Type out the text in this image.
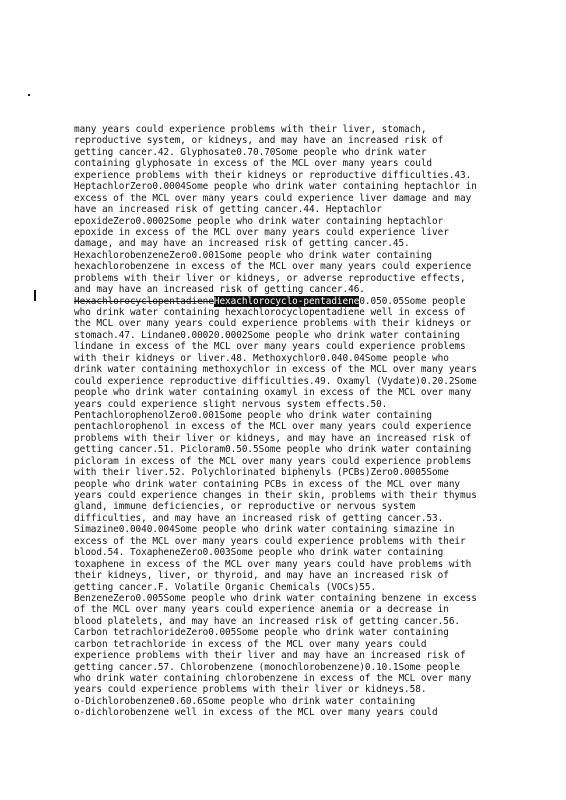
many years could experience problems with their liver, stomach,
reproductive system, or kidneys, and may have an increased risk of
getting cancer.42. Glyphosate0.70.70Some people who drink water
containing glyphosate in excess of the MCL over many years could
experience problems with their kidneys or reproductive difficulties.43.
HeptachlorZero0.0004Some people who drink water containing heptachlor in
excess of the MCL over many years could experience liver damage and may
have an increased risk of getting cancer.44. Heptachlor
epoxideZero0.0002Some people who drink water containing heptachlor
epoxide in excess of the MCL over many years could experience liver
damage, and may have an increased risk of getting cancer.45.
HexachlorobenzeneZero0.001Some people who drink water containing
hexachlorobenzene in excess of the MCL over many years could experience
problems with their liver or kidneys, or adverse reproductive effects,
and may have an increased risk of getting cancer.46.
HexachlorocyclopentadieneHexachlorocyclo-pentadiene0.050.05Some people
who drink water containing hexachlorocyclopentadiene well in excess of
the MCL over many years could experience problems with their kidneys or
stomach.47. Lindane0.00020.0002Some people who drink water containing
lindane in excess of the MCL over many years could experience problems
with their kidneys or liver.48. Methoxychlor0.040.04Some people who
drink water containing methoxychlor in excess of the MCL over many years
could experience reproductive difficulties.49. Oxamyl (Vydate)0.20.2Some
people who drink water containing oxamyl in excess of the MCL over many
years could experience slight nervous system effects.50.
PentachlorophenolZero0.001Some people who drink water containing
pentachlorophenol in excess of the MCL over many years could experience
problems with their liver or kidneys, and may have an increased risk of
getting cancer.51. Picloram0.50.5Some people who drink water containing
picloram in excess of the MCL over many years could experience problems
with their liver.52. Polychlorinated biphenyls (PCBs)Zero0.0005Some
people who drink water containing PCBs in excess of the MCL over many
years could experience changes in their skin, problems with their thymus
gland, immune deficiencies, or reproductive or nervous system
difficulties, and may have an increased risk of getting cancer.53.
Simazine0.0040.004Some people who drink water containing simazine in
excess of the MCL over many years could experience problems with their
blood.54. ToxapheneZero0.003Some people who drink water containing
toxaphene in excess of the MCL over many years could have problems with
their kidneys, liver, or thyroid, and may have an increased risk of
getting cancer.F. Volatile Organic Chemicals (VOCs)55.
BenzeneZero0.005Some people who drink water containing benzene in excess
of the MCL over many years could experience anemia or a decrease in
blood platelets, and may have an increased risk of getting cancer.56.
Carbon tetrachlorideZero0.005Some people who drink water containing
carbon tetrachloride in excess of the MCL over many years could
experience problems with their liver and may have an increased risk of
getting cancer.57. Chlorobenzene (monochlorobenzene)0.10.1Some people
who drink water containing chlorobenzene in excess of the MCL over many
years could experience problems with their liver or kidneys.58.
o-Dichlorobenzene0.60.6Some people who drink water containing
o-dichlorobenzene well in excess of the MCL over many years could
